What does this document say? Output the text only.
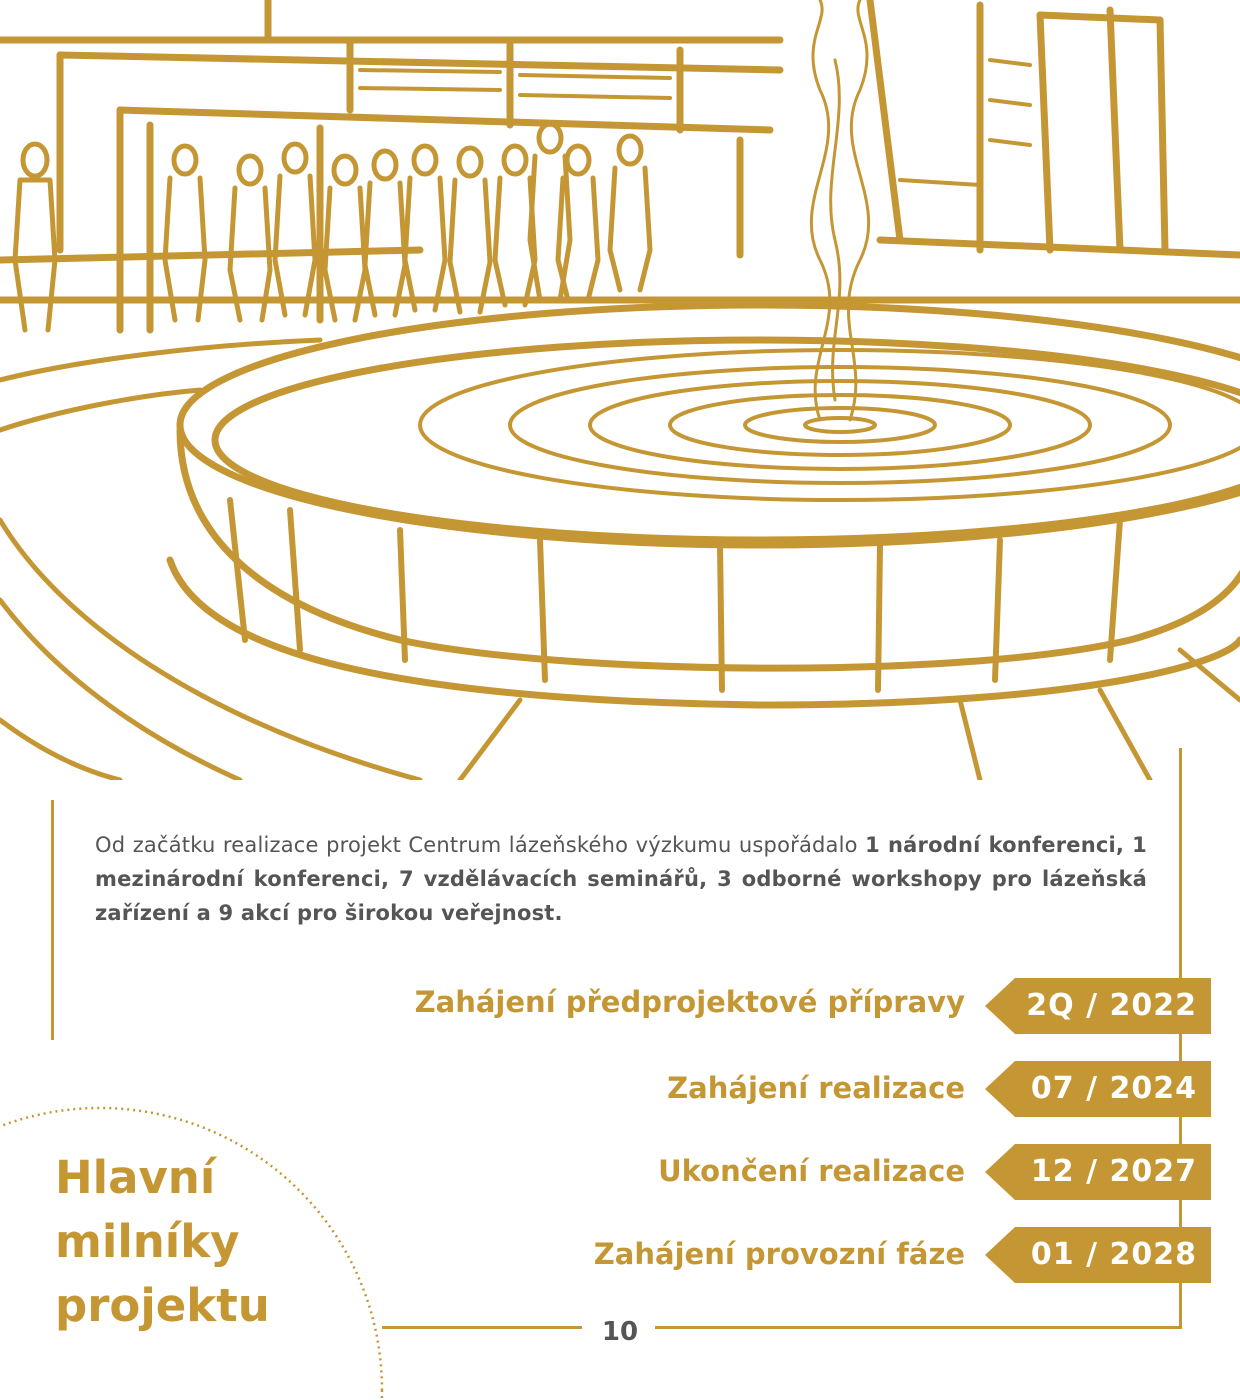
Od začátku realizace projekt Centrum lázeňského výzkumu uspořádalo 1 národní konferenci, 1 mezinárodní konferenci, 7 vzdělávacích seminářů, 3 odborné workshopy pro lázeňská zařízení a 9 akcí pro širokou veřejnost.

Zahájení předprojektové přípravy	2Q / 2022
Zahájení realizace	07 / 2024
Ukončení realizace	12 / 2027
Zahájení provozní fáze	01 / 2028
Hlavní
milníky
projektu	10
